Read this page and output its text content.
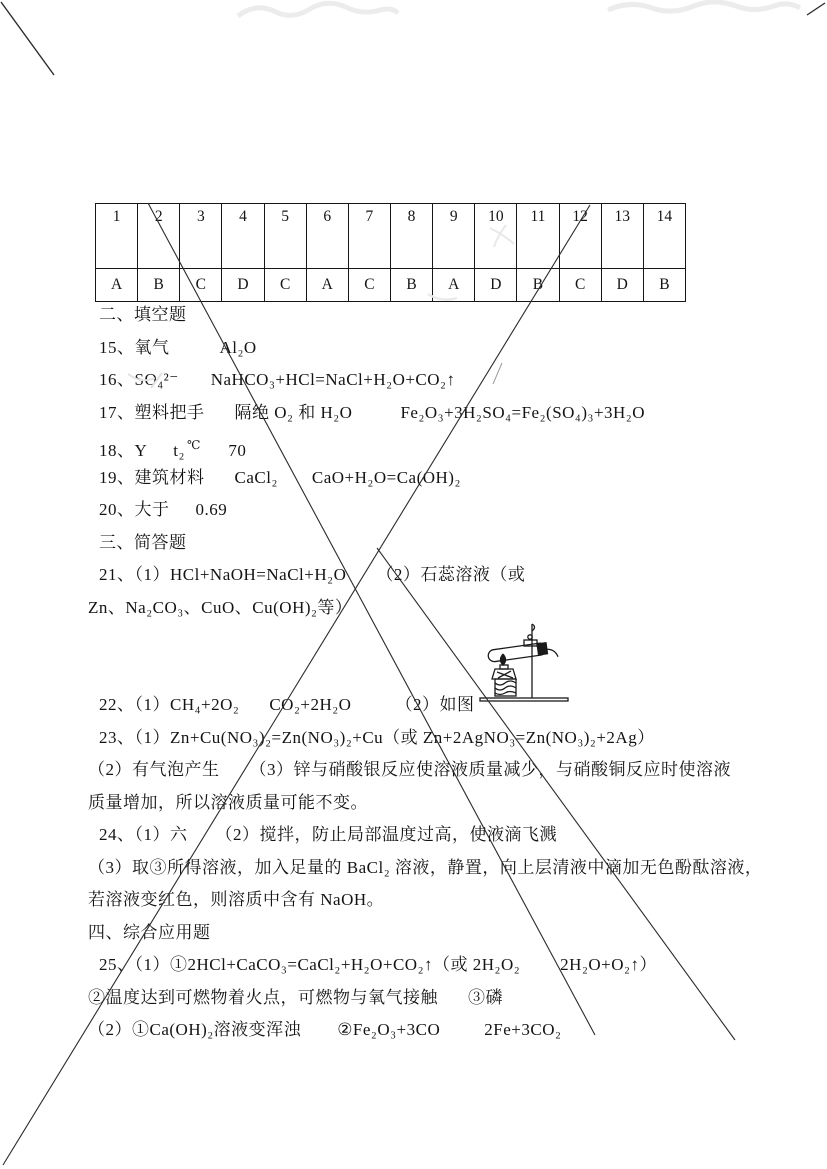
1	2	3	4	5	6	7	8	9	10	11	12	13	14
A	B	C	D	C	A	C	B	A	D	B	C	D	B
二、填空题
15、氧气	Al₂O
16、SO₄²⁻ NaHCO₃+HCl=NaCl+H₂O+CO₂↑
17、塑料把手 隔绝 O₂ 和 H₂O	Fe₂O₃+3H₂SO₄=Fe₂(SO₄)₃+3H₂O
18、Y t₂ ℃ 70
19、建筑材料 CaCl₂ CaO+H₂O=Ca(OH)₂
20、大于 0.69
三、简答题
21、（1）HCl+NaOH=NaCl+H₂O （2）石蕊溶液（或
Zn、Na₂CO₃、CuO、Cu(OH)₂等）
22、（1）CH₄+2O₂ CO₂+2H₂O	（2）如图
23、（1）Zn+Cu(NO₃)₂=Zn(NO₃)₂+Cu（或 Zn+2AgNO₃=Zn(NO₃)₂+2Ag）
（2）有气泡产生 （3）锌与硝酸银反应使溶液质量减少，与硝酸铜反应时使溶液
质量增加，所以溶液质量可能不变。
24、（1）六 （2）搅拌，防止局部温度过高，使液滴飞溅
（3）取③所得溶液，加入足量的 BaCl₂ 溶液，静置，向上层清液中滴加无色酚酞溶液，
若溶液变红色，则溶质中含有 NaOH。
四、综合应用题
25、（1）①2HCl+CaCO₃=CaCl₂+H₂O+CO₂↑（或 2H₂O₂ 2H₂O+O₂↑）
②温度达到可燃物着火点，可燃物与氧气接触 ③磷
（2）①Ca(OH)₂溶液变浑浊 ②Fe₂O₃+3CO	2Fe+3CO₂
